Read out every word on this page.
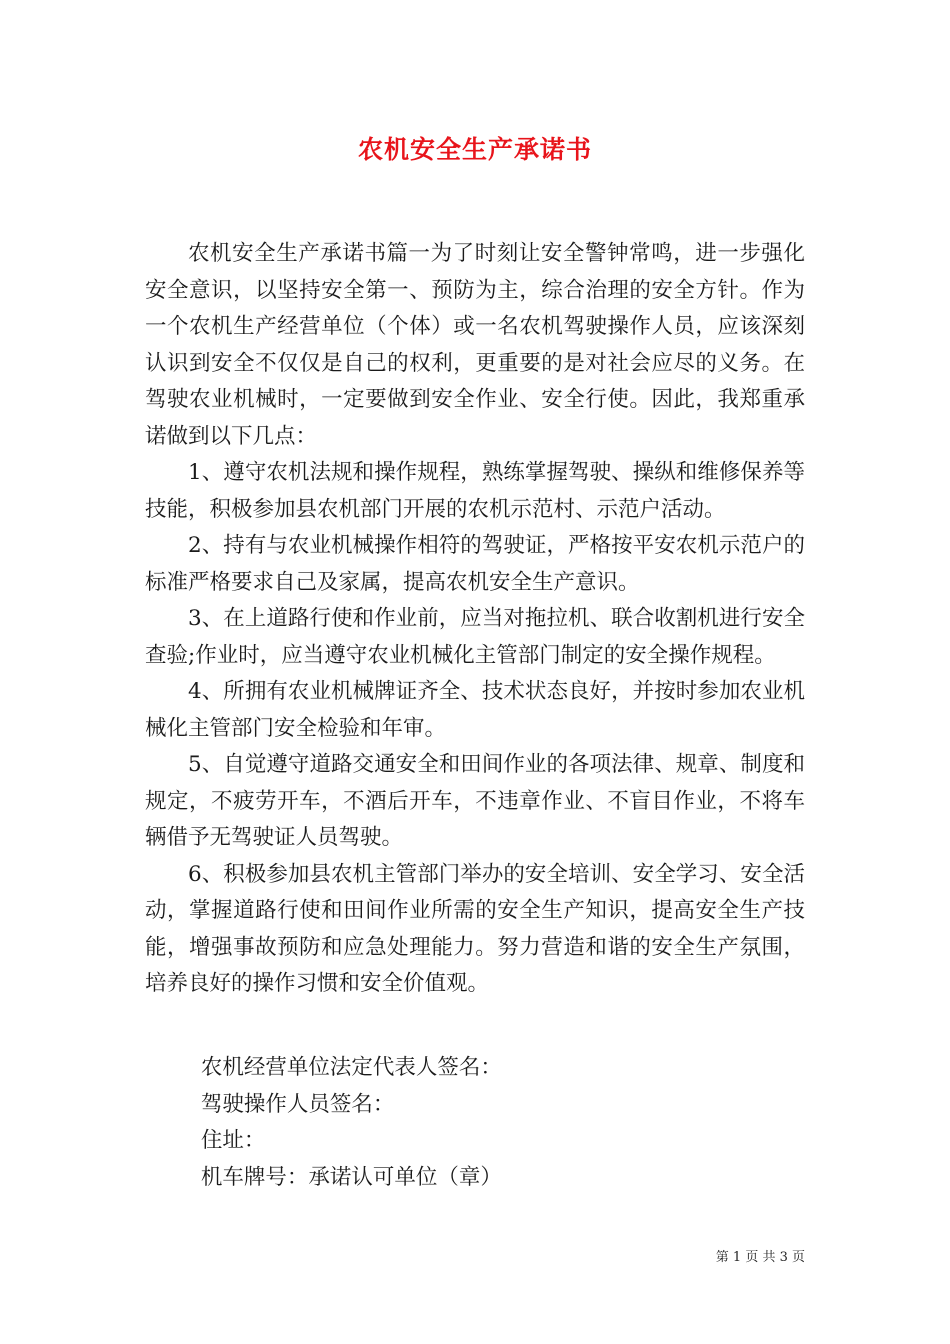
农机安全生产承诺书

农机安全生产承诺书篇一为了时刻让安全警钟常鸣，进一步强化安全意识，以坚持安全第一、预防为主，综合治理的安全方针。作为一个农机生产经营单位（个体）或一名农机驾驶操作人员，应该深刻认识到安全不仅仅是自己的权利，更重要的是对社会应尽的义务。在驾驶农业机械时，一定要做到安全作业、安全行使。因此，我郑重承诺做到以下几点：

1、遵守农机法规和操作规程，熟练掌握驾驶、操纵和维修保养等技能，积极参加县农机部门开展的农机示范村、示范户活动。

2、持有与农业机械操作相符的驾驶证，严格按平安农机示范户的标准严格要求自己及家属，提高农机安全生产意识。

3、在上道路行使和作业前，应当对拖拉机、联合收割机进行安全查验;作业时，应当遵守农业机械化主管部门制定的安全操作规程。

4、所拥有农业机械牌证齐全、技术状态良好，并按时参加农业机械化主管部门安全检验和年审。

5、自觉遵守道路交通安全和田间作业的各项法律、规章、制度和规定，不疲劳开车，不酒后开车，不违章作业、不盲目作业，不将车辆借予无驾驶证人员驾驶。

6、积极参加县农机主管部门举办的安全培训、安全学习、安全活动，掌握道路行使和田间作业所需的安全生产知识，提高安全生产技能，增强事故预防和应急处理能力。努力营造和谐的安全生产氛围，培养良好的操作习惯和安全价值观。

农机经营单位法定代表人签名：
驾驶操作人员签名：
住址：
机车牌号：承诺认可单位（章）
第 1 页 共 3 页
